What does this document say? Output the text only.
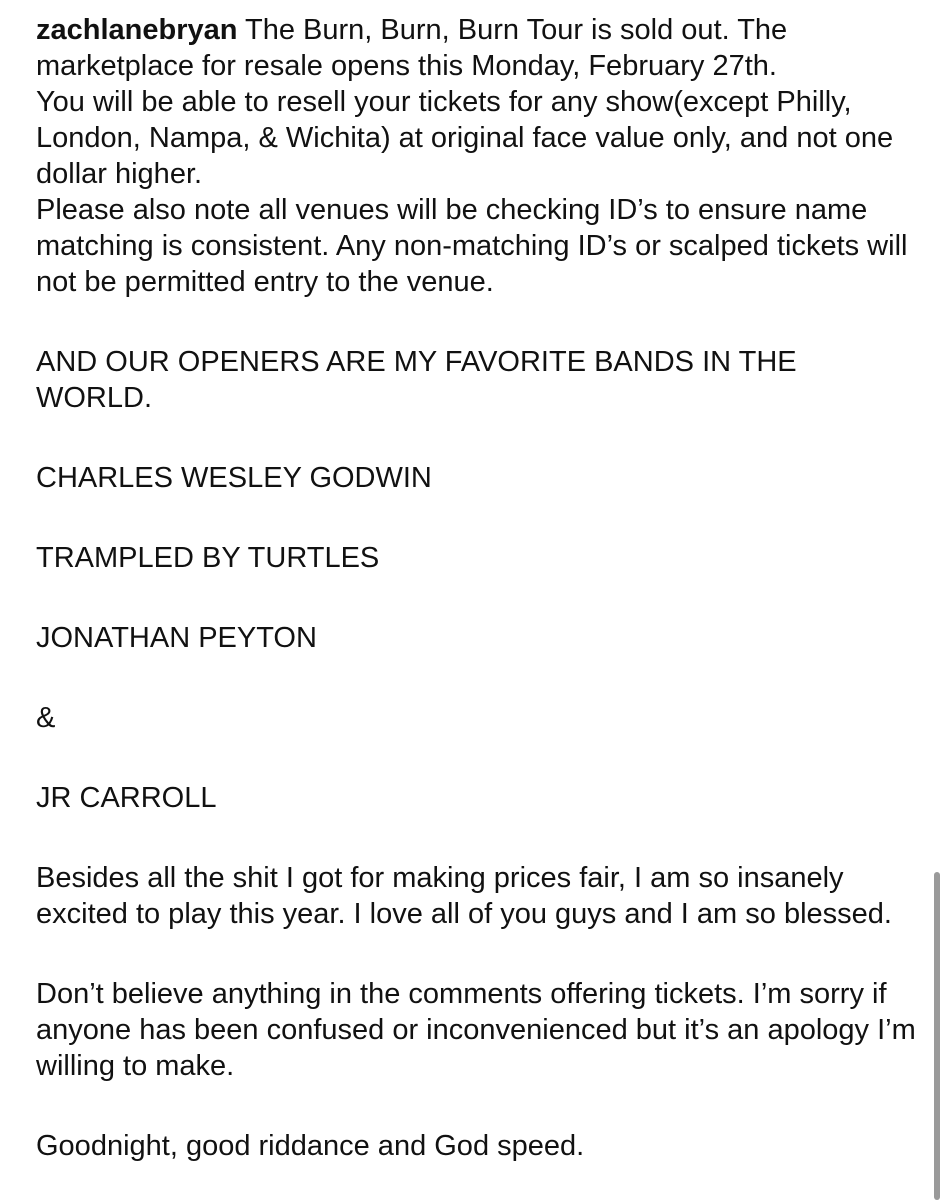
zachlanebryan The Burn, Burn, Burn Tour is sold out. The marketplace for resale opens this Monday, February 27th.

You will be able to resell your tickets for any show(except Philly, London, Nampa, & Wichita) at original face value only, and not one dollar higher.

Please also note all venues will be checking ID’s to ensure name matching is consistent. Any non-matching ID’s or scalped tickets will not be permitted entry to the venue.

AND OUR OPENERS ARE MY FAVORITE BANDS IN THE WORLD.

CHARLES WESLEY GODWIN

TRAMPLED BY TURTLES

JONATHAN PEYTON

&

JR CARROLL

Besides all the shit I got for making prices fair, I am so insanely excited to play this year. I love all of you guys and I am so blessed.

Don’t believe anything in the comments offering tickets. I’m sorry if anyone has been confused or inconvenienced but it’s an apology I’m willing to make.

Goodnight, good riddance and God speed.
